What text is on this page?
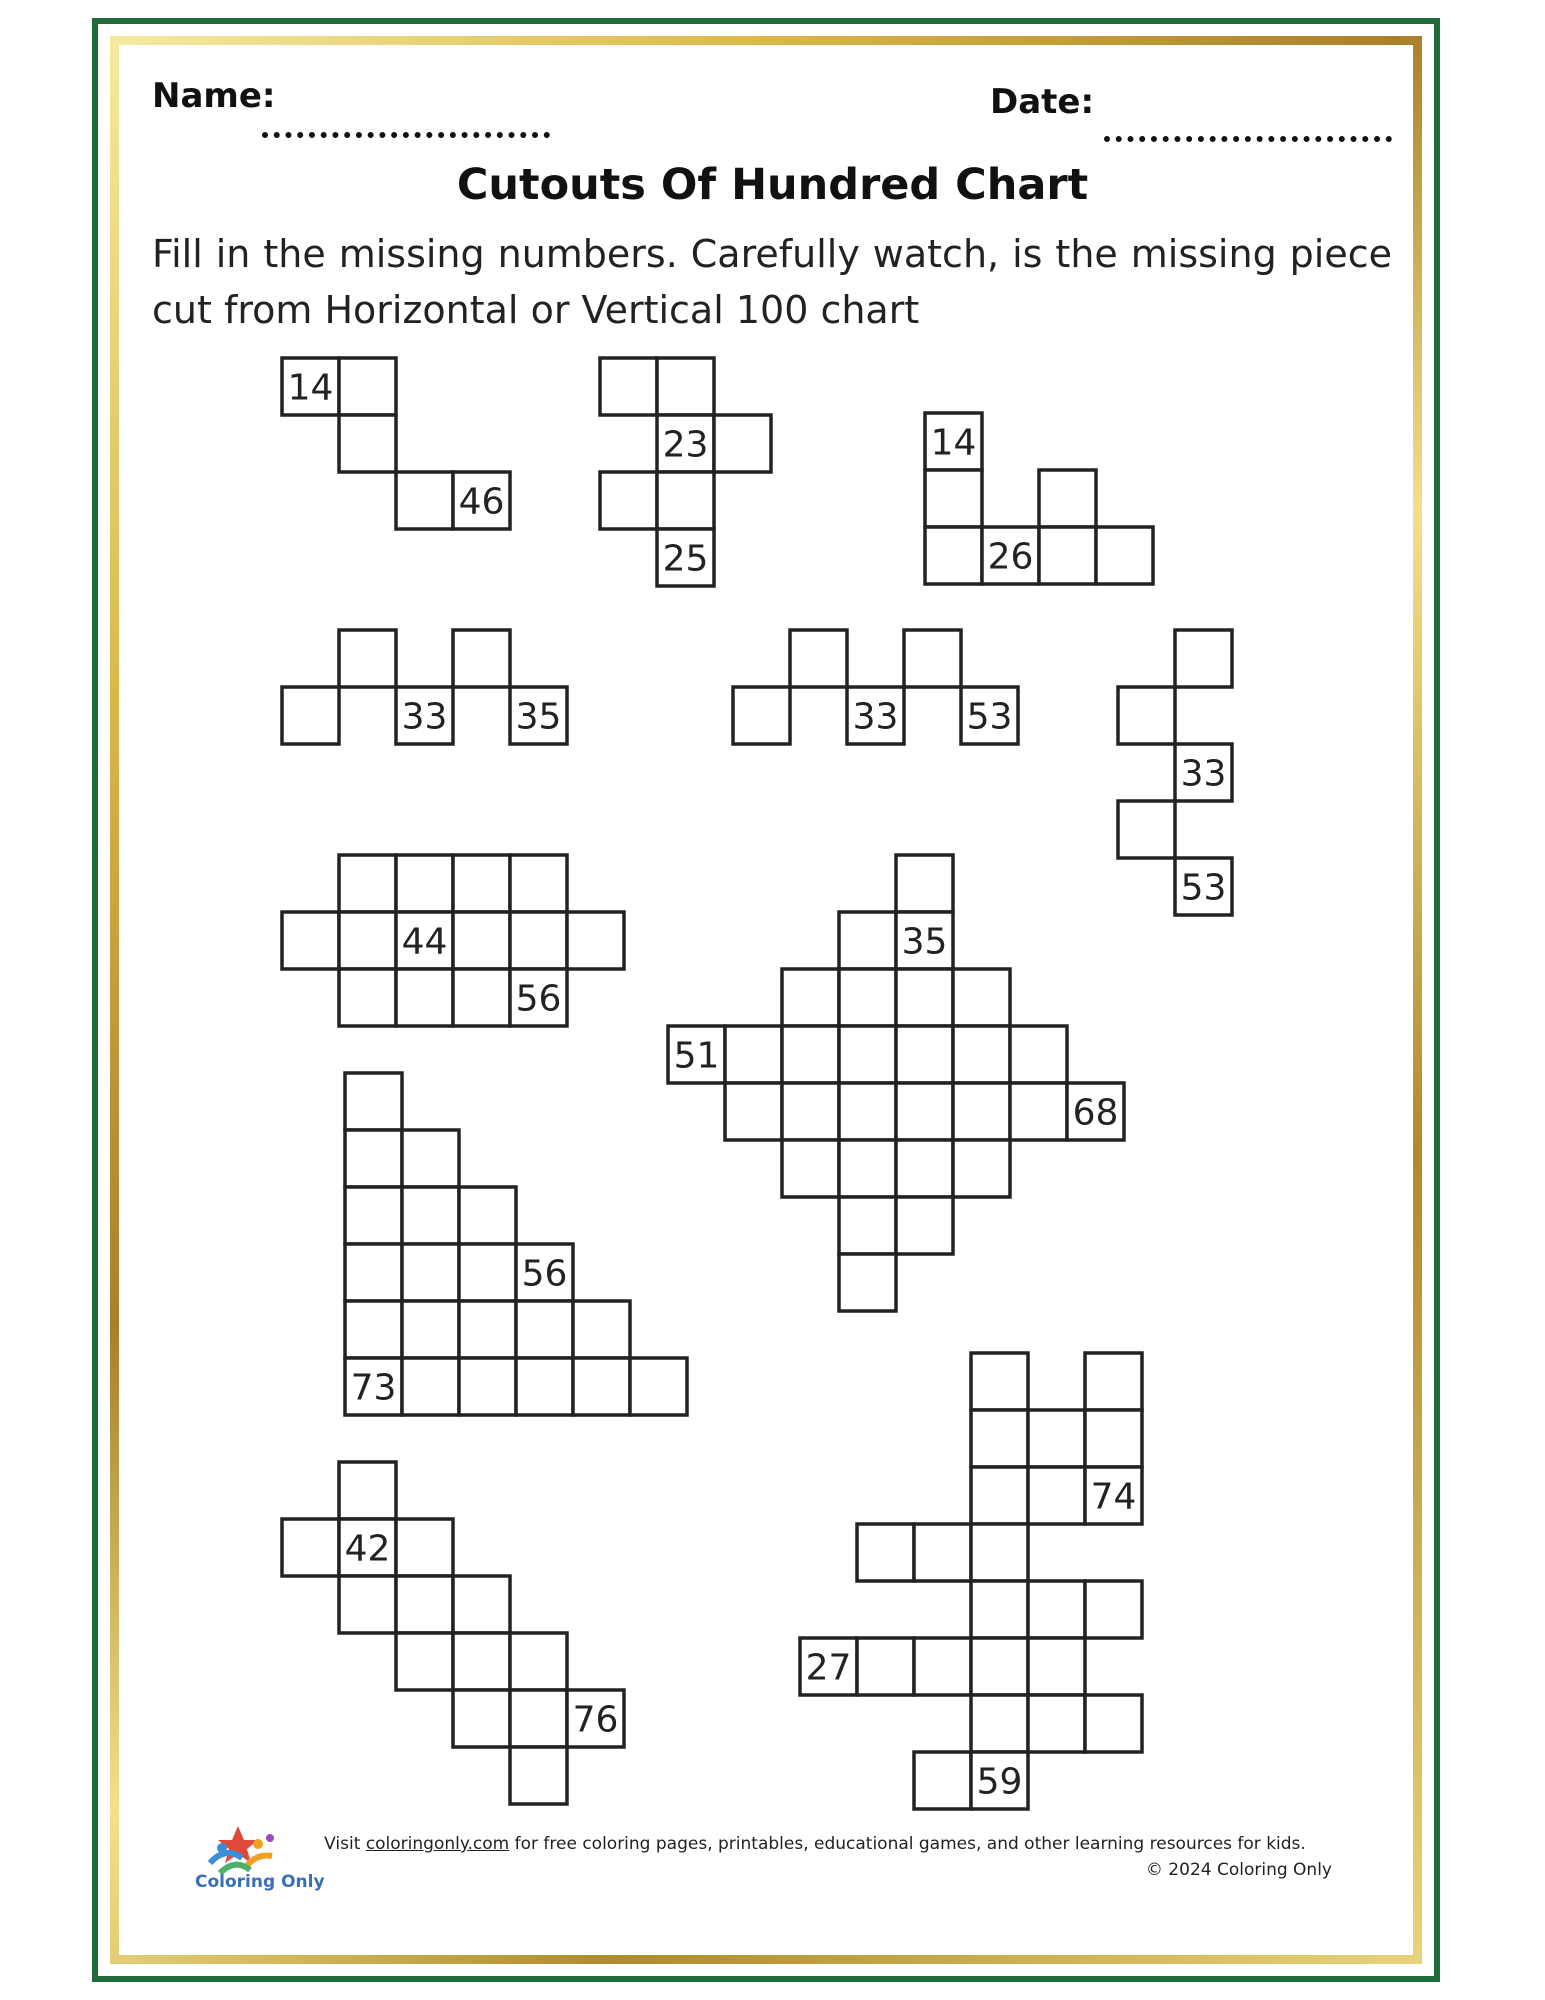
Name:	Date:
Cutouts Of Hundred Chart
Fill in the missing numbers. Carefully watch, is the missing piece cut from Horizontal or Vertical 100 chart
14
46
23
25
14
26
33 35	33 53
33
53
44
56
35
51
68
56
73
42
76
74
27
59
Coloring Only
Visit coloringonly.com for free coloring pages, printables, educational games, and other learning resources for kids.
© 2024 Coloring Only
